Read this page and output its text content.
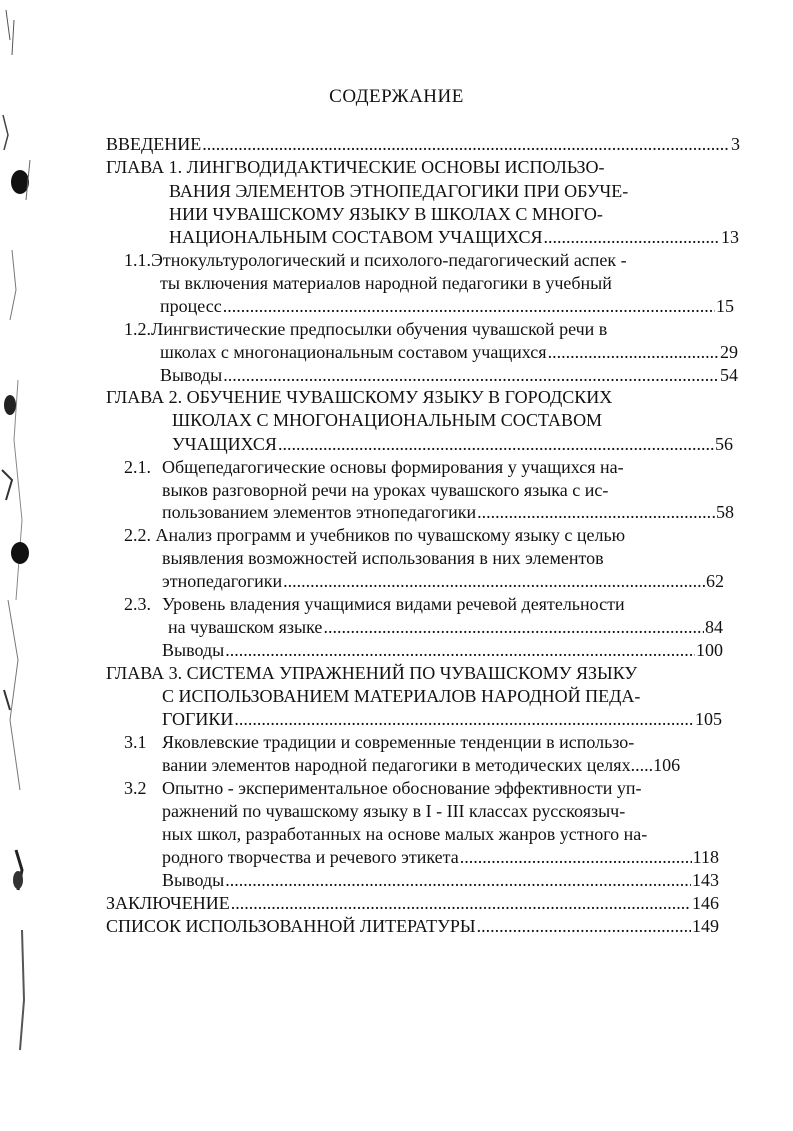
СОДЕРЖАНИЕ
ВВЕДЕНИЕ .....	3
ГЛАВА 1. ЛИНГВОДИДАКТИЧЕСКИЕ ОСНОВЫ ИСПОЛЬЗО-
ВАНИЯ ЭЛЕМЕНТОВ ЭТНОПЕДАГОГИКИ ПРИ ОБУЧЕ-
НИИ ЧУВАШСКОМУ ЯЗЫКУ В ШКОЛАХ С МНОГО-
НАЦИОНАЛЬНЫМ СОСТАВОМ УЧАЩИХСЯ .....	13
1.1.Этнокультурологический и психолого-педагогический аспек -
ты включения материалов народной педагогики в учебный
процесс .....	15
1.2.Лингвистические предпосылки обучения чувашской речи в
школах с многонациональным составом учащихся .....	29
Выводы .....	54
ГЛАВА 2. ОБУЧЕНИЕ ЧУВАШСКОМУ ЯЗЫКУ В ГОРОДСКИХ
ШКОЛАХ С МНОГОНАЦИОНАЛЬНЫМ СОСТАВОМ
УЧАЩИХСЯ .....	56
2.1. Общепедагогические основы формирования у учащихся на-
выков разговорной речи на уроках чувашского языка с ис-
пользованием элементов этнопедагогики .....	.58
2.2. Анализ программ и учебников по чувашскому языку с целью
выявления возможностей использования в них элементов
этнопедагогики .....	62
2.3. Уровень владения учащимися видами речевой деятельности
на чувашском языке .....	84
Выводы .....	100
ГЛАВА 3. СИСТЕМА УПРАЖНЕНИЙ ПО ЧУВАШСКОМУ ЯЗЫКУ
С ИСПОЛЬЗОВАНИЕМ МАТЕРИАЛОВ НАРОДНОЙ ПЕДА-
ГОГИКИ .....	105
3.1 Яковлевские традиции и современные тенденции в использо-
вании элементов народной педагогики в методических целях.....106
3.2 Опытно - экспериментальное обоснование эффективности уп-
ражнений по чувашскому языку в I - III классах русскоязыч-
ных школ, разработанных на основе малых жанров устного на-
родного творчества и речевого этикета .....	118
Выводы .....	143
ЗАКЛЮЧЕНИЕ .....	146
СПИСОК ИСПОЛЬЗОВАННОЙ ЛИТЕРАТУРЫ .....	149
